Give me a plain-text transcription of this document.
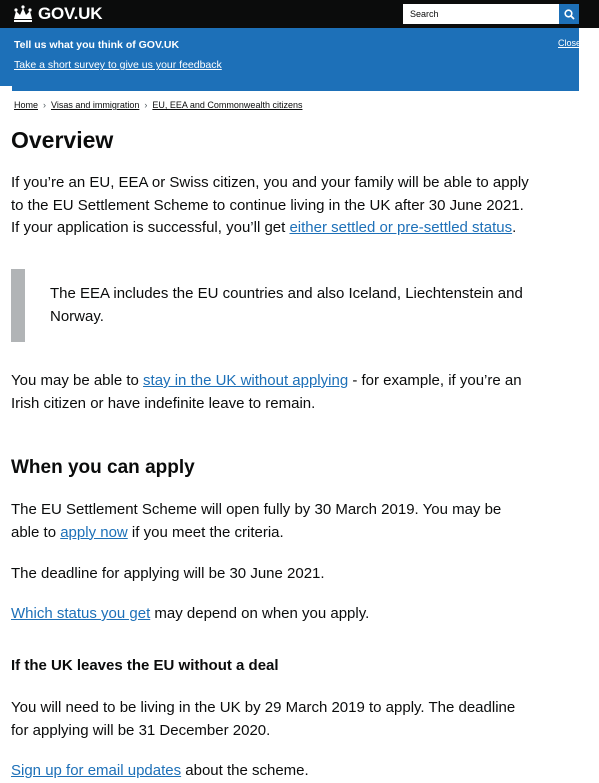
GOV.UK
Search
Tell us what you think of GOV.UK
Take a short survey to give us your feedback
Close
Home › Visas and immigration › EU, EEA and Commonwealth citizens
Overview
If you’re an EU, EEA or Swiss citizen, you and your family will be able to apply
to the EU Settlement Scheme to continue living in the UK after 30 June 2021.
If your application is successful, you’ll get either settled or pre-settled status.
The EEA includes the EU countries and also Iceland, Liechtenstein and
Norway.
You may be able to stay in the UK without applying - for example, if you’re an
Irish citizen or have indefinite leave to remain.
When you can apply
The EU Settlement Scheme will open fully by 30 March 2019. You may be
able to apply now if you meet the criteria.
The deadline for applying will be 30 June 2021.
Which status you get may depend on when you apply.
If the UK leaves the EU without a deal
You will need to be living in the UK by 29 March 2019 to apply. The deadline
for applying will be 31 December 2020.
Sign up for email updates about the scheme.
